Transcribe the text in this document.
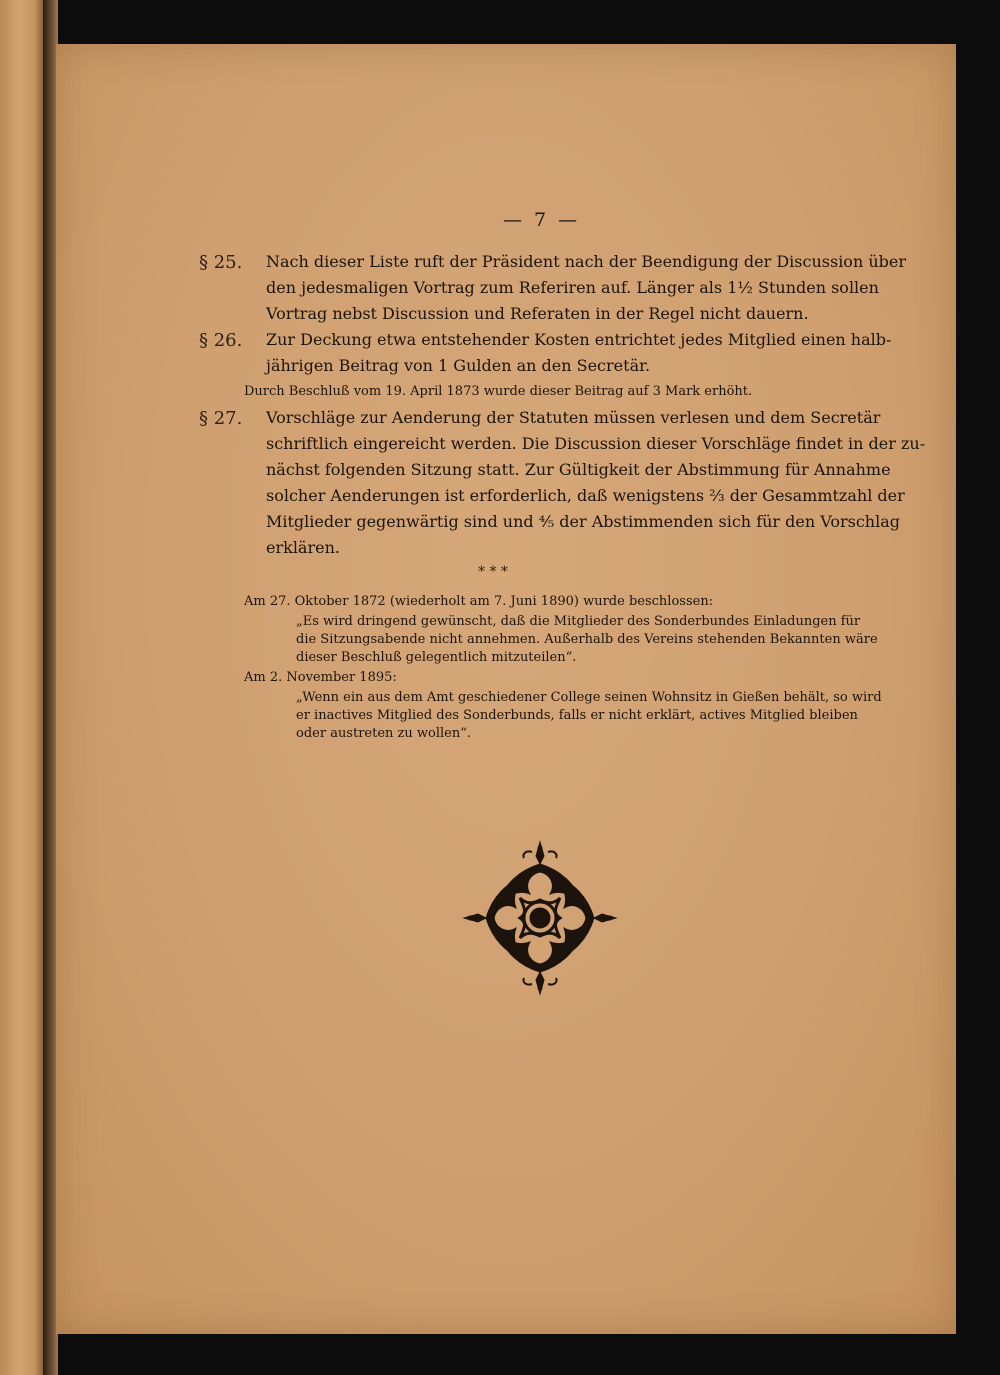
— 7 —
§ 25. Nach dieser Liste ruft der Präsident nach der Beendigung der Discussion über
den jedesmaligen Vortrag zum Referiren auf. Länger als 1½ Stunden sollen
Vortrag nebst Discussion und Referaten in der Regel nicht dauern.
§ 26. Zur Deckung etwa entstehender Kosten entrichtet jedes Mitglied einen halb-
jährigen Beitrag von 1 Gulden an den Secretär.
Durch Beschluß vom 19. April 1873 wurde dieser Beitrag auf 3 Mark erhöht.
§ 27. Vorschläge zur Aenderung der Statuten müssen verlesen und dem Secretär
schriftlich eingereicht werden. Die Discussion dieser Vorschläge findet in der zu-
nächst folgenden Sitzung statt. Zur Gültigkeit der Abstimmung für Annahme
solcher Aenderungen ist erforderlich, daß wenigstens ⅔ der Gesammtzahl der
Mitglieder gegenwärtig sind und ⅘ der Abstimmenden sich für den Vorschlag
erklären.
* * *
Am 27. Oktober 1872 (wiederholt am 7. Juni 1890) wurde beschlossen:
„Es wird dringend gewünscht, daß die Mitglieder des Sonderbundes Einladungen für
die Sitzungsabende nicht annehmen. Außerhalb des Vereins stehenden Bekannten wäre
dieser Beschluß gelegentlich mitzuteilen“.
Am 2. November 1895:
„Wenn ein aus dem Amt geschiedener College seinen Wohnsitz in Gießen behält, so wird
er inactives Mitglied des Sonderbunds, falls er nicht erklärt, actives Mitglied bleiben
oder austreten zu wollen“.
